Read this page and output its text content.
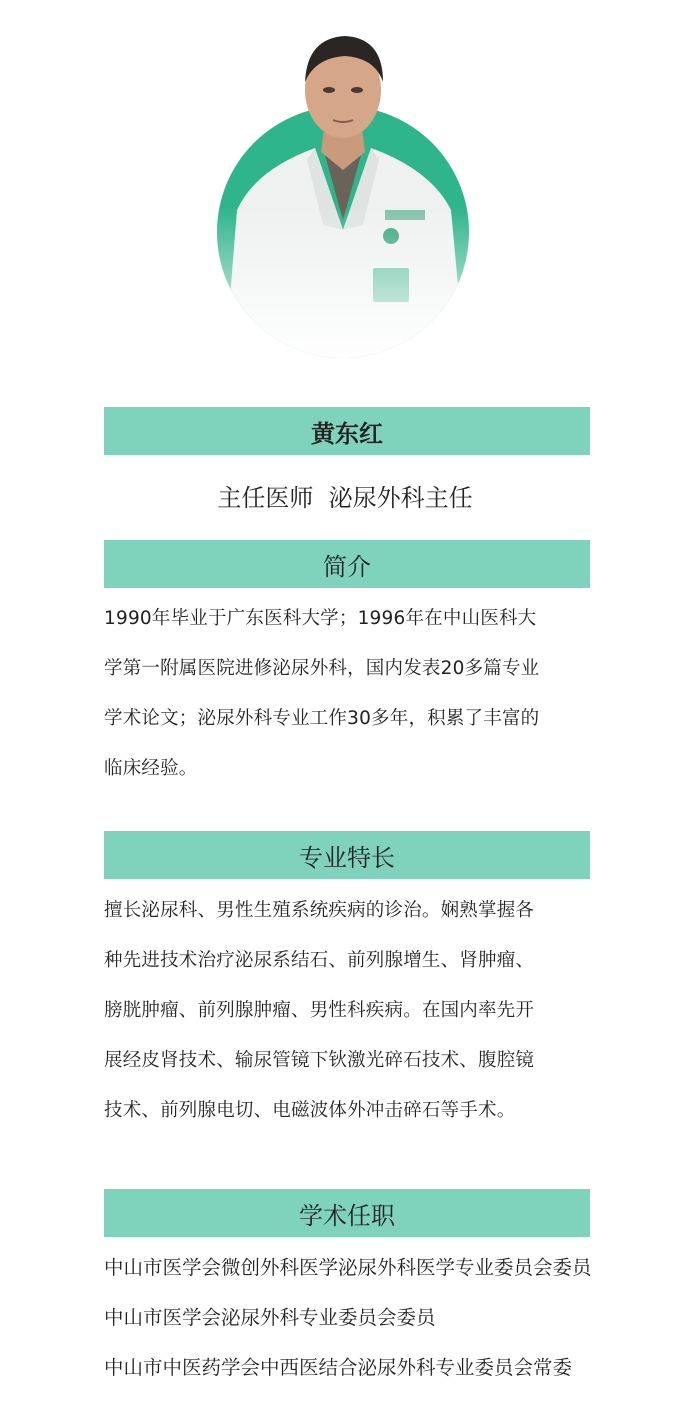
黄东红
主任医师  泌尿外科主任
简介
1990年毕业于广东医科大学；1996年在中山医科大
学第一附属医院进修泌尿外科，国内发表20多篇专业
学术论文；泌尿外科专业工作30多年，积累了丰富的
临床经验。
专业特长
擅长泌尿科、男性生殖系统疾病的诊治。娴熟掌握各
种先进技术治疗泌尿系结石、前列腺增生、肾肿瘤、
膀胱肿瘤、前列腺肿瘤、男性科疾病。在国内率先开
展经皮肾技术、输尿管镜下钬激光碎石技术、腹腔镜
技术、前列腺电切、电磁波体外冲击碎石等手术。
学术任职
中山市医学会微创外科医学泌尿外科医学专业委员会委员
中山市医学会泌尿外科专业委员会委员
中山市中医药学会中西医结合泌尿外科专业委员会常委
